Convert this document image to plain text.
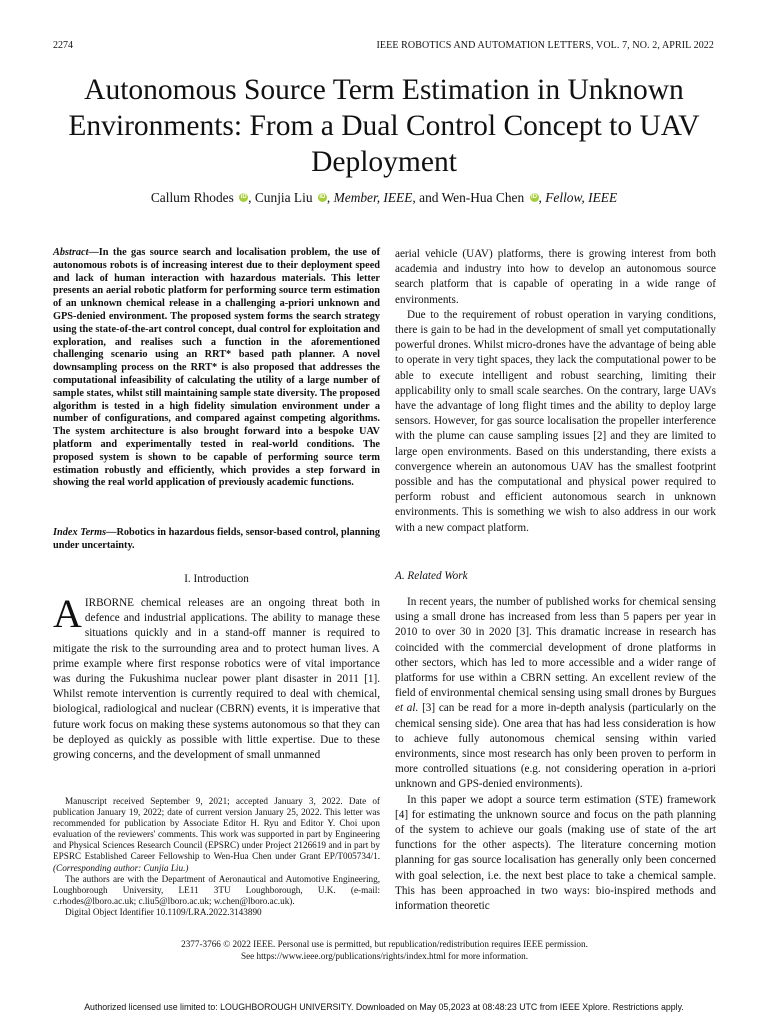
2274	IEEE ROBOTICS AND AUTOMATION LETTERS, VOL. 7, NO. 2, APRIL 2022
Autonomous Source Term Estimation in Unknown Environments: From a Dual Control Concept to UAV Deployment
Callum Rhodes iD , Cunjia Liu iD , Member, IEEE, and Wen-Hua Chen iD , Fellow, IEEE
Abstract—In the gas source search and localisation problem, the use of autonomous robots is of increasing interest due to their deployment speed and lack of human interaction with hazardous materials. This letter presents an aerial robotic platform for performing source term estimation of an unknown chemical release in a challenging a-priori unknown and GPS-denied environment. The proposed system forms the search strategy using the state-of-the-art control concept, dual control for exploitation and exploration, and realises such a function in the aforementioned challenging scenario using an RRT* based path planner. A novel downsampling process on the RRT* is also proposed that addresses the computational infeasibility of calculating the utility of a large number of sample states, whilst still maintaining sample state diversity. The proposed algorithm is tested in a high fidelity simulation environment under a number of configurations, and compared against competing algorithms. The system architecture is also brought forward into a bespoke UAV platform and experimentally tested in real-world conditions. The proposed system is shown to be capable of performing source term estimation robustly and efficiently, which provides a step forward in showing the real world application of previously academic functions.
Index Terms—Robotics in hazardous fields, sensor-based control, planning under uncertainty.
I. Introduction
AIRBORNE chemical releases are an ongoing threat both in defence and industrial applications. The ability to manage these situations quickly and in a stand-off manner is required to mitigate the risk to the surrounding area and to protect human lives. A prime example where first response robotics were of vital importance was during the Fukushima nuclear power plant disaster in 2011 [1]. Whilst remote intervention is currently required to deal with chemical, biological, radiological and nuclear (CBRN) events, it is imperative that future work focus on making these systems autonomous so that they can be deployed as quickly as possible with little expertise. Due to these growing concerns, and the development of small unmanned

Manuscript received September 9, 2021; accepted January 3, 2022. Date of publication January 19, 2022; date of current version January 25, 2022. This letter was recommended for publication by Associate Editor H. Ryu and Editor Y. Choi upon evaluation of the reviewers' comments. This work was supported in part by Engineering and Physical Sciences Research Council (EPSRC) under Project 2126619 and in part by EPSRC Established Career Fellowship to Wen-Hua Chen under Grant EP/T005734/1. (Corresponding author: Cunjia Liu.)

The authors are with the Department of Aeronautical and Automotive Engineering, Loughborough University, LE11 3TU Loughborough, U.K. (e-mail: c.rhodes@lboro.ac.uk; c.liu5@lboro.ac.uk; w.chen@lboro.ac.uk).

Digital Object Identifier 10.1109/LRA.2022.3143890

aerial vehicle (UAV) platforms, there is growing interest from both academia and industry into how to develop an autonomous source search platform that is capable of operating in a wide range of environments.

Due to the requirement of robust operation in varying conditions, there is gain to be had in the development of small yet computationally powerful drones. Whilst micro-drones have the advantage of being able to operate in very tight spaces, they lack the computational power to be able to execute intelligent and robust searching, limiting their applicability only to small scale searches. On the contrary, large UAVs have the advantage of long flight times and the ability to deploy large sensors. However, for gas source localisation the propeller interference with the plume can cause sampling issues [2] and they are limited to large open environments. Based on this understanding, there exists a convergence wherein an autonomous UAV has the smallest footprint possible and has the computational and physical power required to perform robust and efficient autonomous search in unknown environments. This is something we wish to also address in our work with a new compact platform.

A. Related Work

In recent years, the number of published works for chemical sensing using a small drone has increased from less than 5 papers per year in 2010 to over 30 in 2020 [3]. This dramatic increase in research has coincided with the commercial development of drone platforms in other sectors, which has led to more accessible and a wider range of platforms for use within a CBRN setting. An excellent review of the field of environmental chemical sensing using small drones by Burgues et al. [3] can be read for a more in-depth analysis (particularly on the chemical sensing side). One area that has had less consideration is how to achieve fully autonomous chemical sensing within varied environments, since most research has only been proven to perform in more controlled situations (e.g. not considering operation in a-priori unknown and GPS-denied environments).

In this paper we adopt a source term estimation (STE) framework [4] for estimating the unknown source and focus on the path planning of the system to achieve our goals (making use of state of the art functions for the other aspects). The literature concerning motion planning for gas source localisation has generally only been concerned with goal selection, i.e. the next best place to take a chemical sample. This has been approached in two ways: bio-inspired methods and information theoretic

2377-3766 © 2022 IEEE. Personal use is permitted, but republication/redistribution requires IEEE permission.
See https://www.ieee.org/publications/rights/index.html for more information.
Authorized licensed use limited to: LOUGHBOROUGH UNIVERSITY. Downloaded on May 05,2023 at 08:48:23 UTC from IEEE Xplore. Restrictions apply.
